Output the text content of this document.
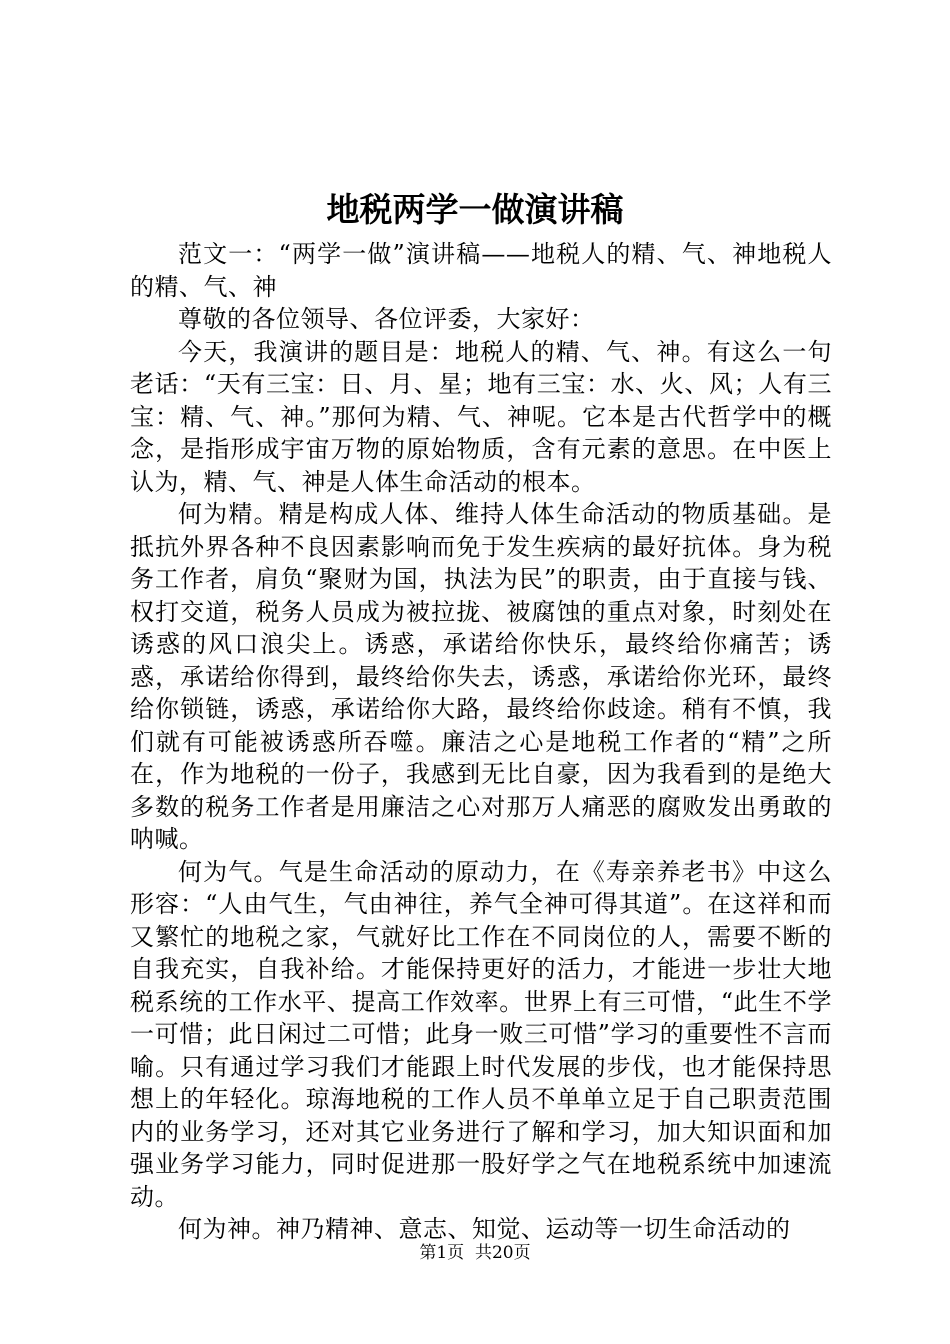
地税两学一做演讲稿

范文一：“两学一做”演讲稿——地税人的精、气、神地税人的精、气、神

尊敬的各位领导、各位评委，大家好：

今天，我演讲的题目是：地税人的精、气、神。有这么一句老话：“天有三宝：日、月、星；地有三宝：水、火、风；人有三宝：精、气、神。”那何为精、气、神呢。它本是古代哲学中的概念，是指形成宇宙万物的原始物质，含有元素的意思。在中医上认为，精、气、神是人体生命活动的根本。

何为精。精是构成人体、维持人体生命活动的物质基础。是抵抗外界各种不良因素影响而免于发生疾病的最好抗体。身为税务工作者，肩负“聚财为国，执法为民”的职责，由于直接与钱、权打交道，税务人员成为被拉拢、被腐蚀的重点对象，时刻处在诱惑的风口浪尖上。诱惑，承诺给你快乐，最终给你痛苦；诱惑，承诺给你得到，最终给你失去，诱惑，承诺给你光环，最终给你锁链，诱惑，承诺给你大路，最终给你歧途。稍有不慎，我们就有可能被诱惑所吞噬。廉洁之心是地税工作者的“精”之所在，作为地税的一份子，我感到无比自豪，因为我看到的是绝大多数的税务工作者是用廉洁之心对那万人痛恶的腐败发出勇敢的呐喊。

何为气。气是生命活动的原动力，在《寿亲养老书》中这么形容：“人由气生，气由神往，养气全神可得其道”。在这祥和而又繁忙的地税之家，气就好比工作在不同岗位的人，需要不断的自我充实，自我补给。才能保持更好的活力，才能进一步壮大地税系统的工作水平、提高工作效率。世界上有三可惜，“此生不学一可惜；此日闲过二可惜；此身一败三可惜”学习的重要性不言而喻。只有通过学习我们才能跟上时代发展的步伐，也才能保持思想上的年轻化。琼海地税的工作人员不单单立足于自己职责范围内的业务学习，还对其它业务进行了解和学习，加大知识面和加强业务学习能力，同时促进那一股好学之气在地税系统中加速流动。

何为神。神乃精神、意志、知觉、运动等一切生命活动的

第1页  共20页
